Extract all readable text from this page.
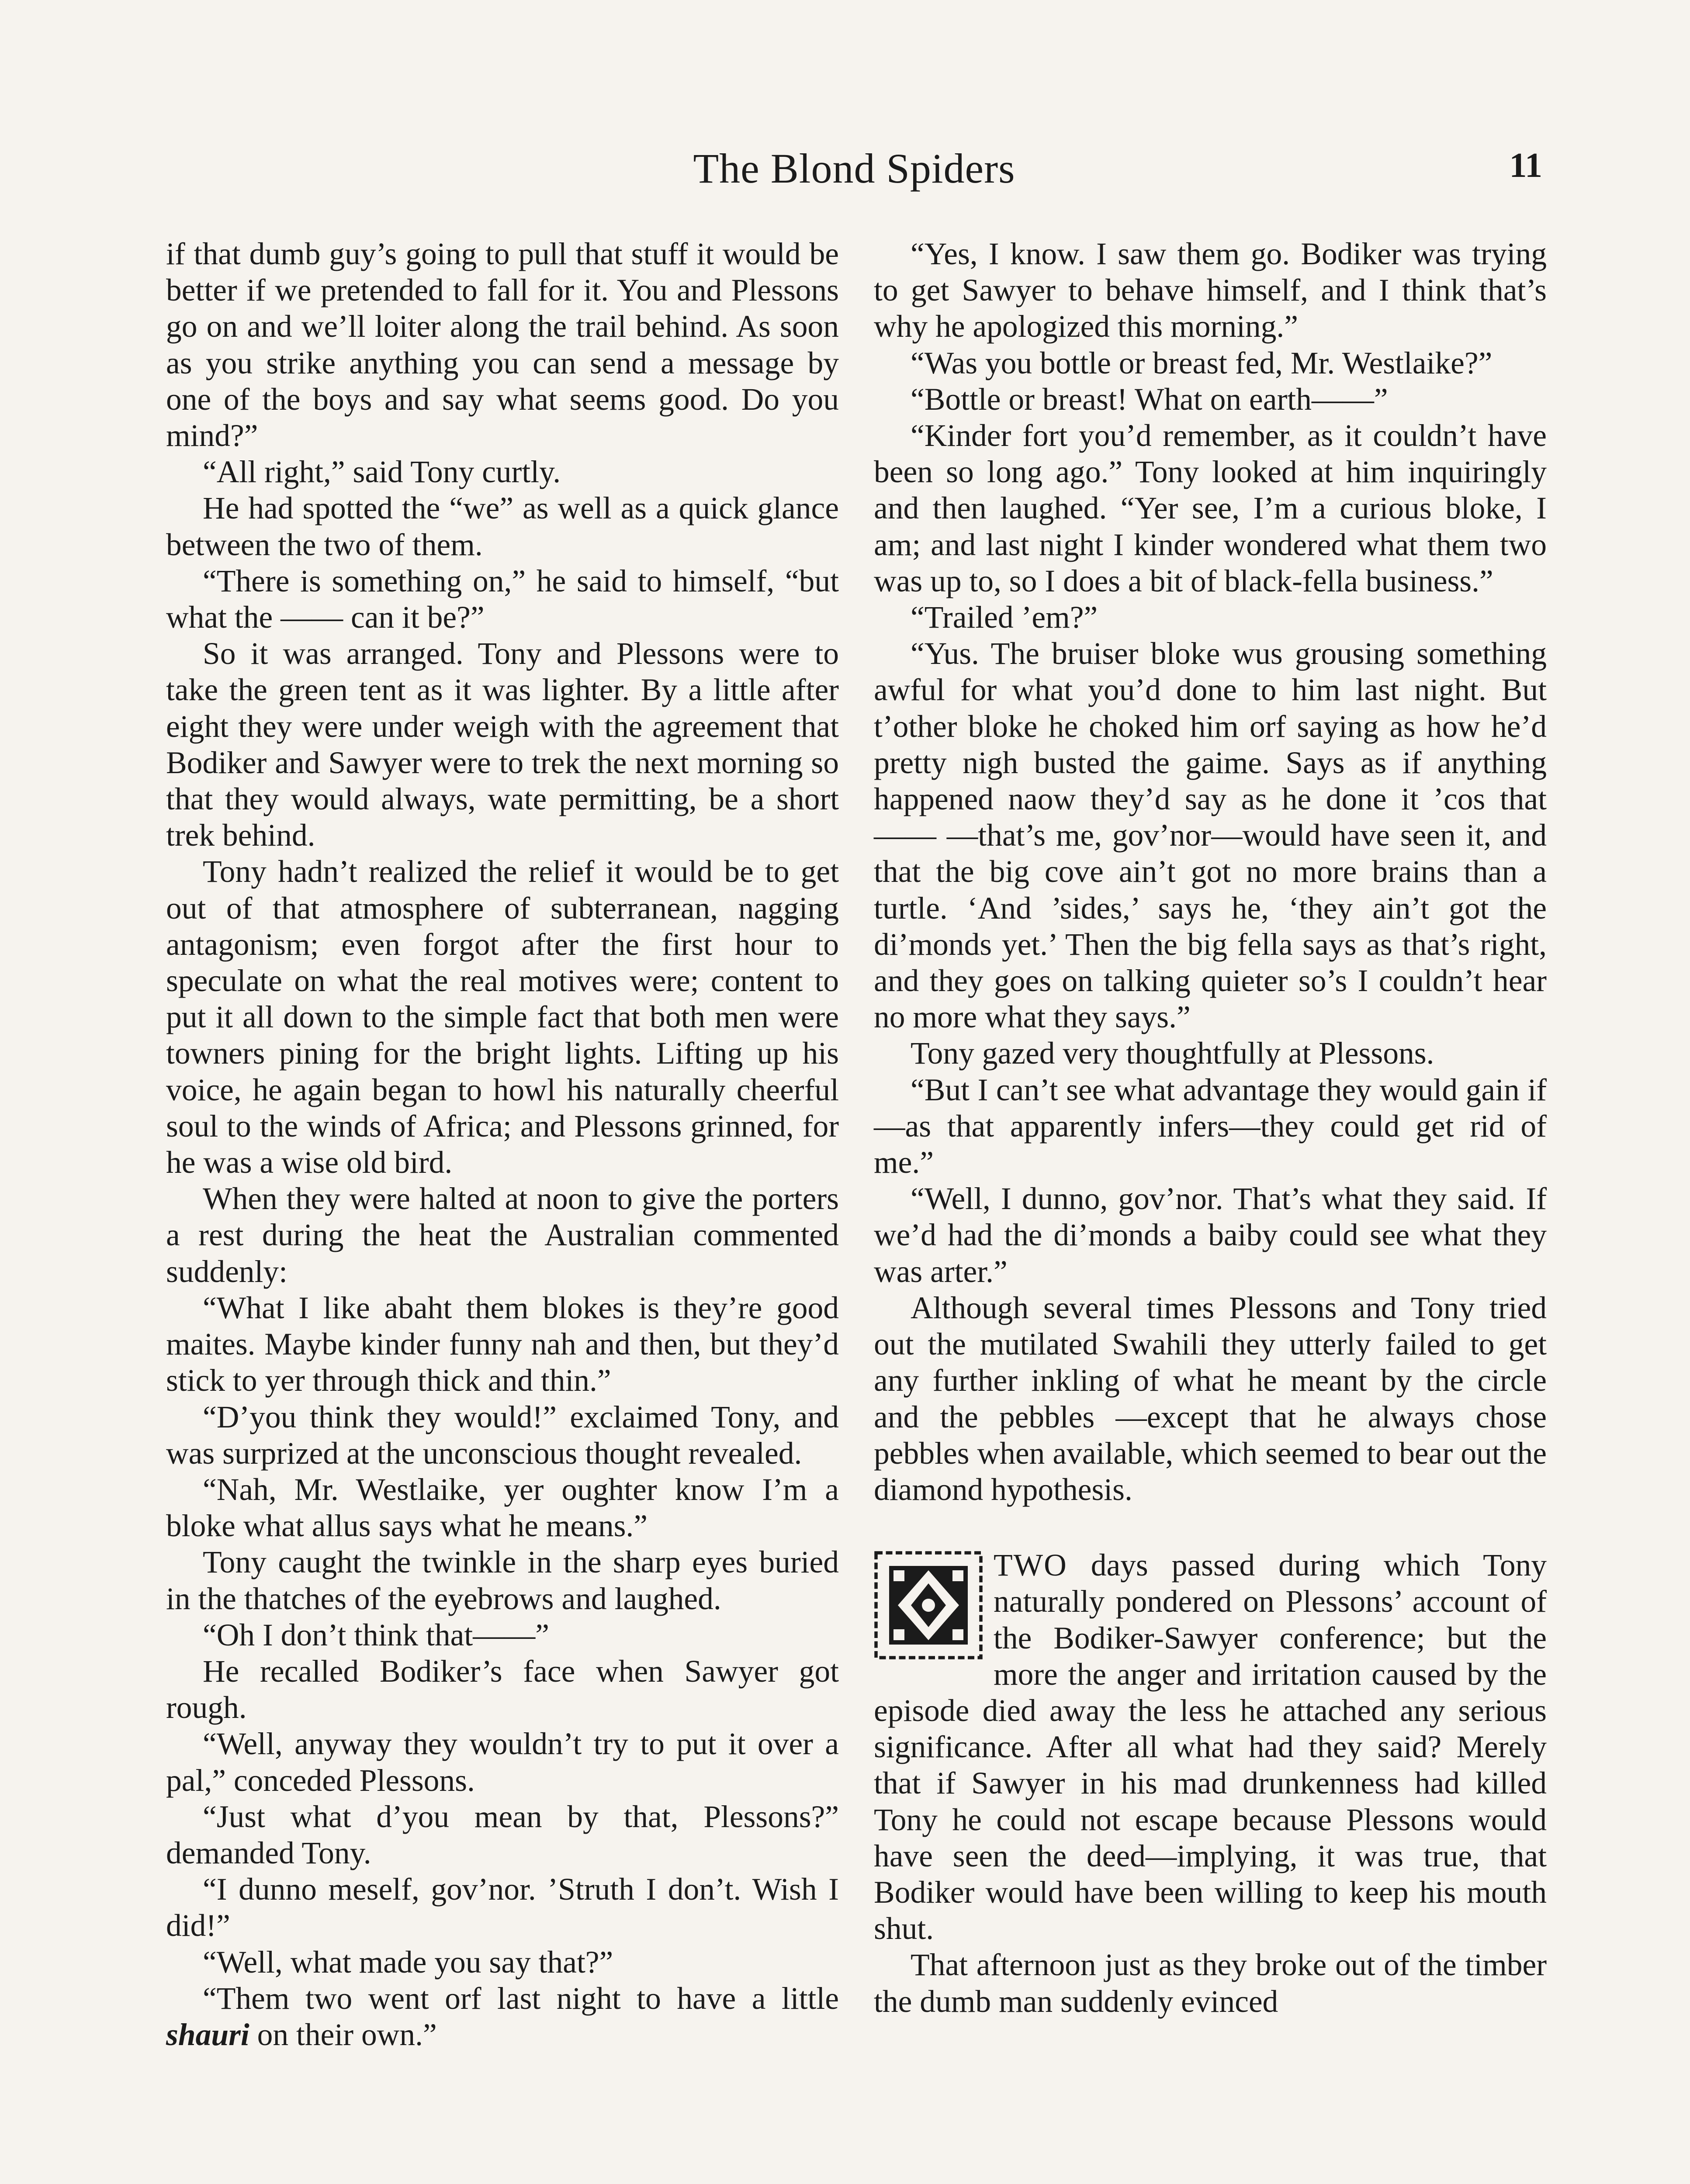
The Blond Spiders	11

if that dumb guy’s going to pull that stuff it would be better if we pretended to fall for it. You and Plessons go on and we’ll loiter along the trail behind. As soon as you strike anything you can send a message by one of the boys and say what seems good. Do you mind?”

“All right,” said Tony curtly.

He had spotted the “we” as well as a quick glance between the two of them.

“There is something on,” he said to himself, “but what the —— can it be?”

So it was arranged. Tony and Plessons were to take the green tent as it was lighter. By a little after eight they were under weigh with the agreement that Bodiker and Sawyer were to trek the next morning so that they would always, wate permitting, be a short trek behind.

Tony hadn’t realized the relief it would be to get out of that atmosphere of subterranean, nagging antagonism; even forgot after the first hour to speculate on what the real motives were; content to put it all down to the simple fact that both men were towners pining for the bright lights. Lifting up his voice, he again began to howl his naturally cheerful soul to the winds of Africa; and Plessons grinned, for he was a wise old bird.

When they were halted at noon to give the porters a rest during the heat the Australian commented suddenly:

“What I like abaht them blokes is they’re good maites. Maybe kinder funny nah and then, but they’d stick to yer through thick and thin.”

“D’you think they would!” exclaimed Tony, and was surprized at the unconscious thought revealed.

“Nah, Mr. Westlaike, yer oughter know I’m a bloke what allus says what he means.”

Tony caught the twinkle in the sharp eyes buried in the thatches of the eyebrows and laughed.

“Oh I don’t think that——”

He recalled Bodiker’s face when Sawyer got rough.

“Well, anyway they wouldn’t try to put it over a pal,” conceded Plessons.

“Just what d’you mean by that, Plessons?” demanded Tony.

“I dunno meself, gov’nor. ’Struth I don’t. Wish I did!”

“Well, what made you say that?”

“Them two went orf last night to have a little shauri on their own.”

“Yes, I know. I saw them go. Bodiker was trying to get Sawyer to behave himself, and I think that’s why he apologized this morning.”

“Was you bottle or breast fed, Mr. Westlaike?”

“Bottle or breast! What on earth——”

“Kinder fort you’d remember, as it couldn’t have been so long ago.” Tony looked at him inquiringly and then laughed. “Yer see, I’m a curious bloke, I am; and last night I kinder wondered what them two was up to, so I does a bit of black-fella business.”

“Trailed ’em?”

“Yus. The bruiser bloke wus grousing something awful for what you’d done to him last night. But t’other bloke he choked him orf saying as how he’d pretty nigh busted the gaime. Says as if anything happened naow they’d say as he done it ’cos that —— —that’s me, gov’nor—would have seen it, and that the big cove ain’t got no more brains than a turtle. ‘And ’sides,’ says he, ‘they ain’t got the di’monds yet.’ Then the big fella says as that’s right, and they goes on talking quieter so’s I couldn’t hear no more what they says.”

Tony gazed very thoughtfully at Plessons.

“But I can’t see what advantage they would gain if—as that apparently infers—they could get rid of me.”

“Well, I dunno, gov’nor. That’s what they said. If we’d had the di’monds a baiby could see what they was arter.”

Although several times Plessons and Tony tried out the mutilated Swahili they utterly failed to get any further inkling of what he meant by the circle and the pebbles —except that he always chose pebbles when available, which seemed to bear out the diamond hypothesis.

TWO days passed during which Tony naturally pondered on Plessons’ account of the Bodiker-Sawyer conference; but the more the anger and irritation caused by the episode died away the less he attached any serious significance. After all what had they said? Merely that if Sawyer in his mad drunkenness had killed Tony he could not escape because Plessons would have seen the deed—implying, it was true, that Bodiker would have been willing to keep his mouth shut.

That afternoon just as they broke out of the timber the dumb man suddenly evinced
